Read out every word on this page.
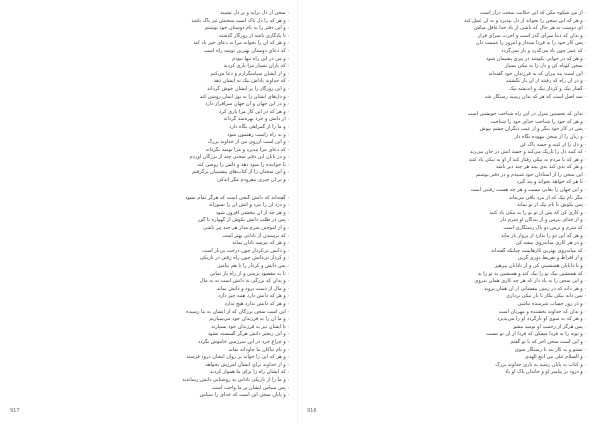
۰ از من شکوه مکن که این حکایت سخت دراز است
۰ و هر که این سخن را بخواند از دل بپذیرد و به آن عمل کند
۰ ای دوست به هر حال که باشی از یاد خدا غافل مباش
۰ و بدان که دنیا سرای گذر است و آخرت سرای قرار
۰ پس کار خود را به فردا مینداز و امروز را غنیمت دان
۰ که عمر چون باد می‌گذرد و باز نمی‌گردد
۰ و هر که در جوانی نکوشد در پیری پشیمان شود
۰ سخن کوتاه کن و دل را به نیکی بسپار
۰ این است پند پیران که به فرزندان خود گفته‌اند
۰ و در آن راه که رفتند از آن باز نگشتند
۰ گفتار نیک و کردار نیک و اندیشه نیک
۰ سه اصل است که هر که بدان رسید رستگار شد
۰ بدان که نخستین منزل در این راه شناخت خویشتن است
۰ و هر که خود را شناخت خدای خود را شناخت
۰ پس در کار خود بنگر و از عیب دیگران چشم بپوش
۰ و زبان را از سخن بیهوده نگاه دار
۰ و دل را از کینه و حسد پاک کن
۰ که کینه دل را تاریک می‌کند و حسد آتش در جان می‌زند
۰ و هر که با مردم به نیکی رفتار کند از او به نیکی یاد کنند
۰ و هر که بدی کند بدی بیند هر چند دیر باشد
۰ این سخن را از استادان خود شنیدم و در دفتر نوشتم
۰ تا هر که خواهد بخواند و پند گیرد
۰ و این جهان را بقایی نیست و هر چه هست رفتنی است
۰ مگر نام نیک که از مرد باقی می‌ماند
۰ پس بکوش تا نام نیک از تو بماند
۰ و کاری کن که پس از تو تو را به نیکی یاد کنند
۰ و از خدای بترس و از بندگان او شرم دار
۰ که شرم و ترس دو بال رستگاری است
۰ و هر که این دو را ندارد از پرواز باز ماند
۰ و در هر کاری میانه‌روی پیشه کن
۰ که میانه‌روی بهترین کارهاست چنانکه گفته‌اند
۰ و از افراط و تفریط دوری گزین
۰ و با دانایان همنشینی کن و از نادانان بپرهیز
۰ که همنشین نیک تو را نیک کند و همنشین بد تو را بد
۰ و این سخن را به یاد دار که هر چه کاری همان بدروی
۰ و هر دانه که در زمین بیفشانی از آن همان بروید
۰ پس دانه نیکی بکار تا بار نیکی برداری
۰ و در روز حساب شرمنده نباشی
۰ و بدان که خداوند بخشنده و مهربان است
۰ و هر که به سوی او بازگردد او را می‌پذیرد
۰ پس هرگز از رحمت او نومید مشو
۰ و توبه را به فردا میفکن که فردا از آن تو نیست
۰ و این است سخن آخر که با تو گفتم
۰ بشنو و به کار بند تا رستگار شوی
۰ و السلام علی من اتبع الهدی
۰ و کتاب به پایان رسید به یاری خداوند بزرگ
۰ و درود بر پیامبر او و خاندان پاک او باد
916
۰ سخن از دل برآید و بر دل نشیند
۰ و هر که را دل پاک است سخنش نیز پاک باشد
۰ و این دفتر را به نام دوستان خود نوشتم
۰ تا یادگاری باشد از روزگار گذشته
۰ و هر که آن را بخواند مرا به دعای خیر یاد کند
۰ که دعای دوستان بهترین توشه راه است
۰ و من در این راه تنها نبودم
۰ که یاران بسیار مرا یاری کردند
۰ و از ایشان سپاسگزارم و دعا می‌کنم
۰ که خداوند پاداش نیک به ایشان دهد
۰ و این روزگار را بر ایشان خوش گرداند
۰ و دل‌های ایشان را به نور ایمان روشن کند
۰ و در این جهان و آن جهان سرافراز دارد
۰ و هر که در این کار مرا یاری کرد
۰ از دانش و خرد بهره‌مند گرداند
۰ و ما را از گمراهی نگاه دارد
۰ و به راه راست رهنمون شود
۰ و این است آرزوی من از خداوند بزرگ
۰ که دعای مرا بپذیرد و مرا نومید نگرداند
۰ و در پایان این دفتر سخنی چند از بزرگان آوردم
۰ تا خواننده را سود دهد و دلش را روشن کند
۰ و این سخنان را از کتاب‌های پیشینیان برگرفتم
۰ و بر آن چیزی نیفزودم مگر اندکی
۰ گفته‌اند که دانش گنجی است که هرگز تمام نشود
۰ و دزد آن را نبرد و آتش آن را نسوزاند
۰ و هر چه از آن ببخشی افزون شود
۰ پس در طلب دانش بکوش از گهواره تا گور
۰ و از آموختن شرم مدار هر چند پیر باشی
۰ که پرسیدن از نادانی بهتر است
۰ و هر که نپرسد نادان بماند
۰ و دانش بی‌کردار چون درخت بی‌بار است
۰ و کردار بی‌دانش چون راه رفتن در تاریکی
۰ پس دانش و کردار را با هم بیامیز
۰ تا به مقصود برسی و از راه باز نمانی
۰ و بدان که بزرگی به دانش است نه به مال
۰ و مال از دست برود و دانش بماند
۰ و هر که دانش دارد همه چیز دارد
۰ و هر که دانش ندارد هیچ ندارد
۰ این است سخن بزرگان که از ایشان به ما رسیده
۰ و ما آن را به فرزندان خود می‌سپاریم
۰ تا ایشان نیز به فرزندان خود بسپارند
۰ و این زنجیر دانش هرگز گسسته نشود
۰ و چراغ خرد در این سرزمین خاموش نگردد
۰ و نام نیاکان ما جاودانه بماند
۰ و هر که این را خواند بر روان ایشان درود فرستد
۰ و از خداوند برای ایشان آمرزش بخواهد
۰ که ایشان راه را برای ما هموار کردند
۰ و ما را از تاریکی نادانی به روشنایی دانش رساندند
۰ پس سپاس ایشان بر ما واجب است
۰ و پایان سخن این است که خدای را سپاس
917
